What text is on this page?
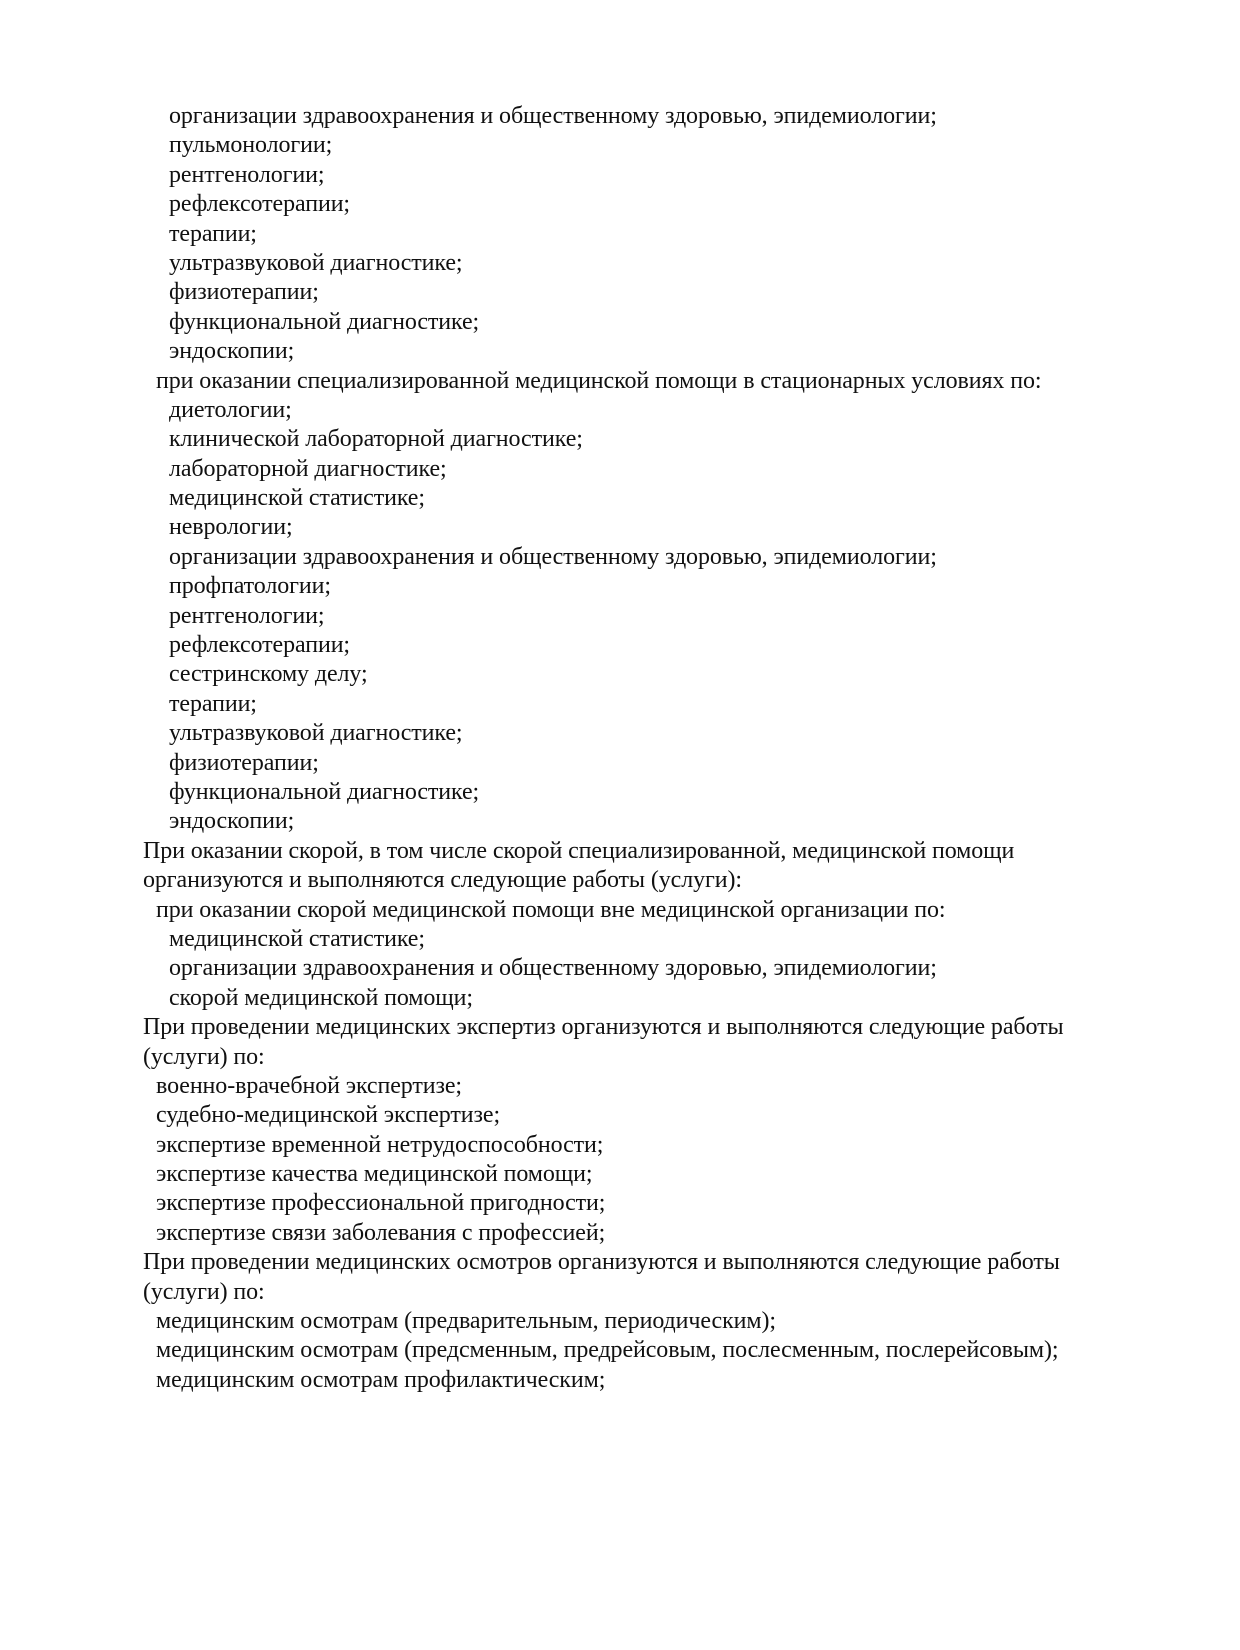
организации здравоохранения и общественному здоровью, эпидемиологии;
пульмонологии;
рентгенологии;
рефлексотерапии;
терапии;
ультразвуковой диагностике;
физиотерапии;
функциональной диагностике;
эндоскопии;
при оказании специализированной медицинской помощи в стационарных условиях по:
диетологии;
клинической лабораторной диагностике;
лабораторной диагностике;
медицинской статистике;
неврологии;
организации здравоохранения и общественному здоровью, эпидемиологии;
профпатологии;
рентгенологии;
рефлексотерапии;
сестринскому делу;
терапии;
ультразвуковой диагностике;
физиотерапии;
функциональной диагностике;
эндоскопии;
При оказании скорой, в том числе скорой специализированной, медицинской помощи
организуются и выполняются следующие работы (услуги):
при оказании скорой медицинской помощи вне медицинской организации по:
медицинской статистике;
организации здравоохранения и общественному здоровью, эпидемиологии;
скорой медицинской помощи;
При проведении медицинских экспертиз организуются и выполняются следующие работы
(услуги) по:
военно-врачебной экспертизе;
судебно-медицинской экспертизе;
экспертизе временной нетрудоспособности;
экспертизе качества медицинской помощи;
экспертизе профессиональной пригодности;
экспертизе связи заболевания с профессией;
При проведении медицинских осмотров организуются и выполняются следующие работы
(услуги) по:
медицинским осмотрам (предварительным, периодическим);
медицинским осмотрам (предсменным, предрейсовым, послесменным, послерейсовым);
медицинским осмотрам профилактическим;
